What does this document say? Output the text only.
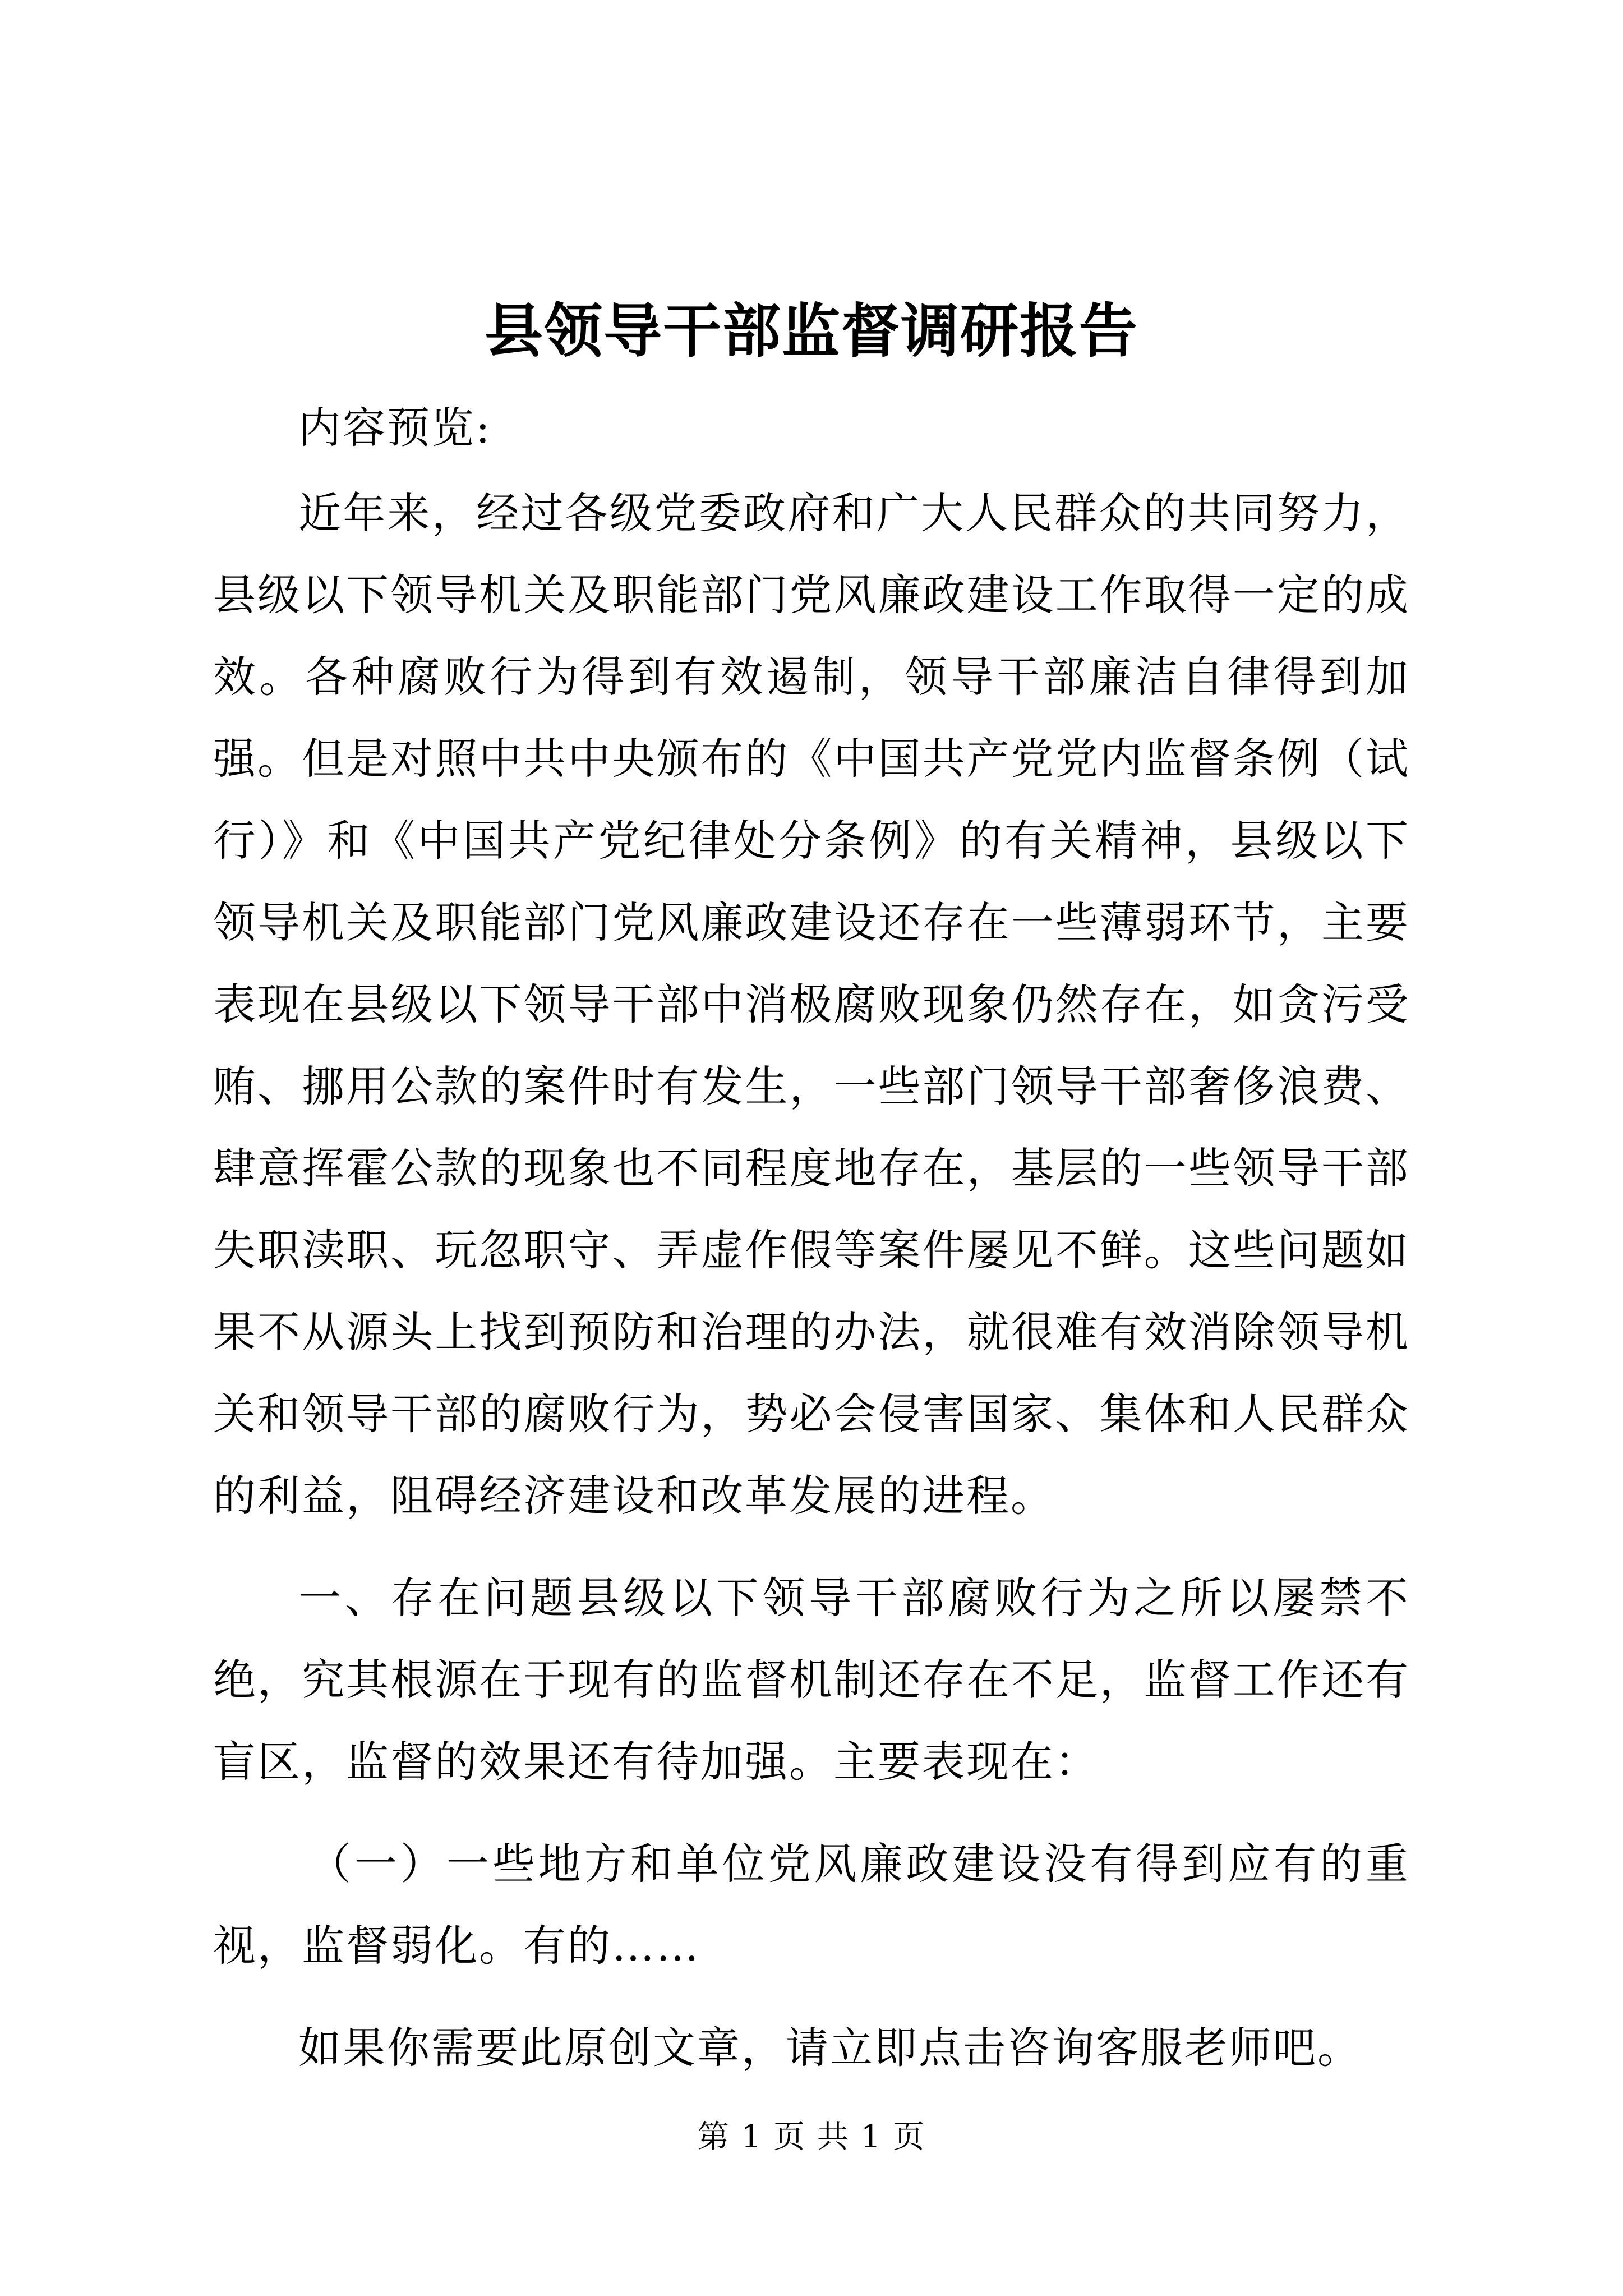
县领导干部监督调研报告

内容预览:

近年来，经过各级党委政府和广大人民群众的共同努力，县级以下领导机关及职能部门党风廉政建设工作取得一定的成效。各种腐败行为得到有效遏制，领导干部廉洁自律得到加强。但是对照中共中央颁布的《中国共产党党内监督条例（试行）》和《中国共产党纪律处分条例》的有关精神，县级以下领导机关及职能部门党风廉政建设还存在一些薄弱环节，主要表现在县级以下领导干部中消极腐败现象仍然存在，如贪污受贿、挪用公款的案件时有发生，一些部门领导干部奢侈浪费、肆意挥霍公款的现象也不同程度地存在，基层的一些领导干部失职渎职、玩忽职守、弄虚作假等案件屡见不鲜。这些问题如果不从源头上找到预防和治理的办法，就很难有效消除领导机关和领导干部的腐败行为，势必会侵害国家、集体和人民群众的利益，阻碍经济建设和改革发展的进程。

一、存在问题县级以下领导干部腐败行为之所以屡禁不绝，究其根源在于现有的监督机制还存在不足，监督工作还有盲区，监督的效果还有待加强。主要表现在：

（一）一些地方和单位党风廉政建设没有得到应有的重视，监督弱化。有的……

如果你需要此原创文章，请立即点击咨询客服老师吧。

第 1 页 共 1 页
